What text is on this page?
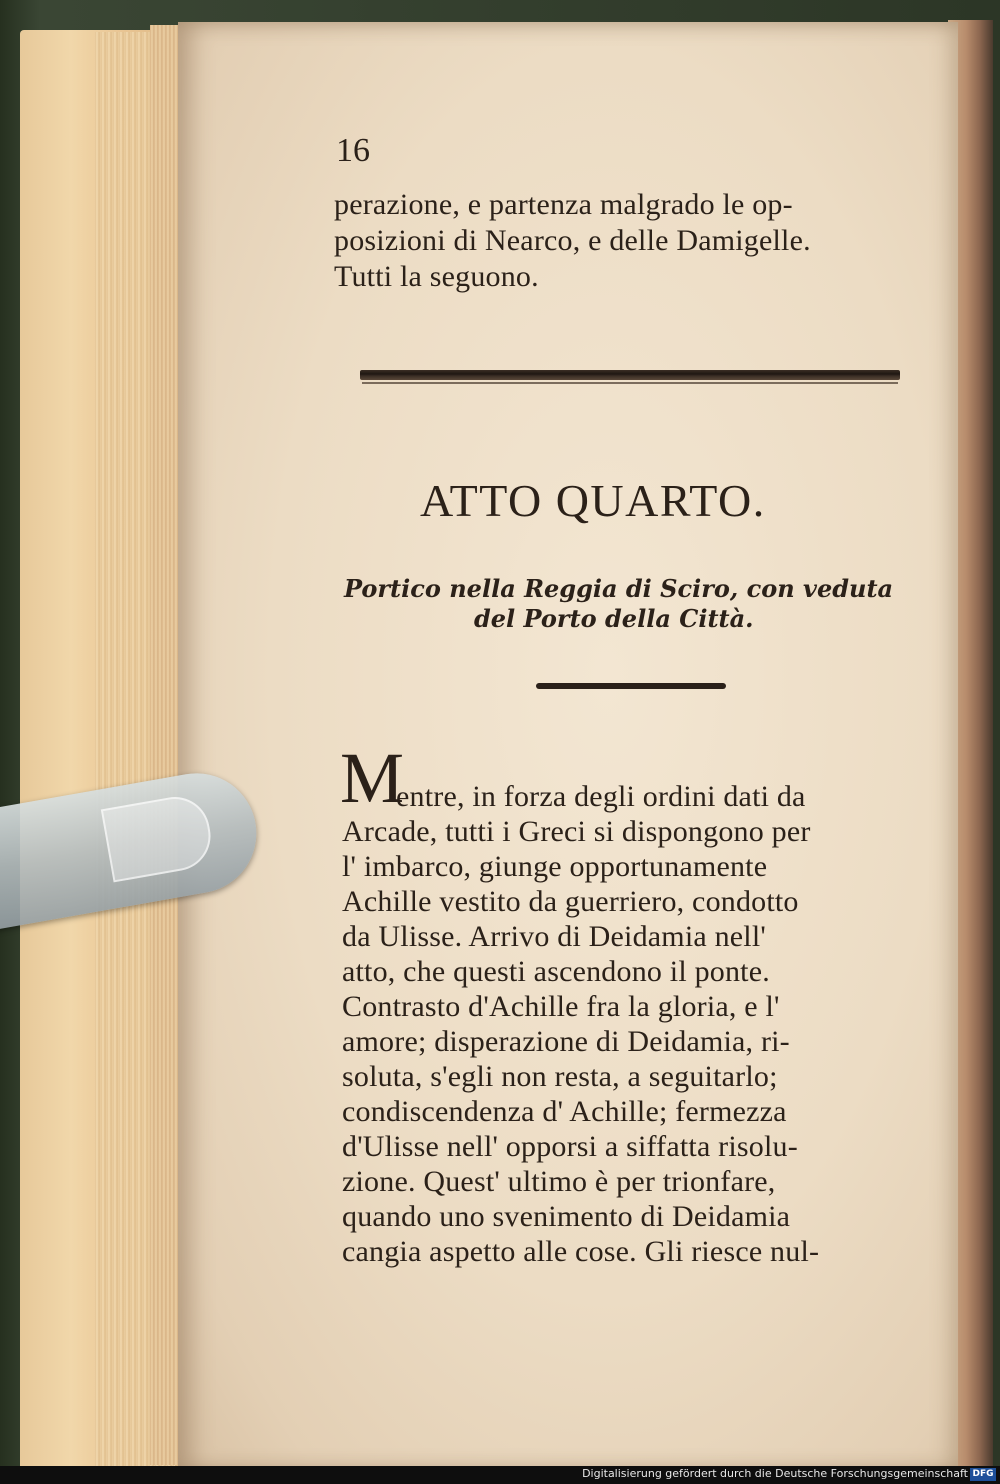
16
perazione, e partenza malgrado le op-
posizioni di Nearco, e delle Damigelle.
Tutti la seguono.
ATTO QUARTO.
Portico nella Reggia di Sciro, con veduta
del Porto della Città.
M
entre, in forza degli ordini dati da
Arcade, tutti i Greci si dispongono per
l' imbarco, giunge opportunamente
Achille vestito da guerriero, condotto
da Ulisse. Arrivo di Deidamia nell'
atto, che questi ascendono il ponte.
Contrasto d'Achille fra la gloria, e l'
amore; disperazione di Deidamia, ri-
soluta, s'egli non resta, a seguitarlo;
condiscendenza d' Achille; fermezza
d'Ulisse nell' opporsi a siffatta risolu-
zione. Quest' ultimo è per trionfare,
quando uno svenimento di Deidamia
cangia aspetto alle cose. Gli riesce nul-
Digitalisierung gefördert durch die Deutsche Forschungsgemeinschaft DFG
